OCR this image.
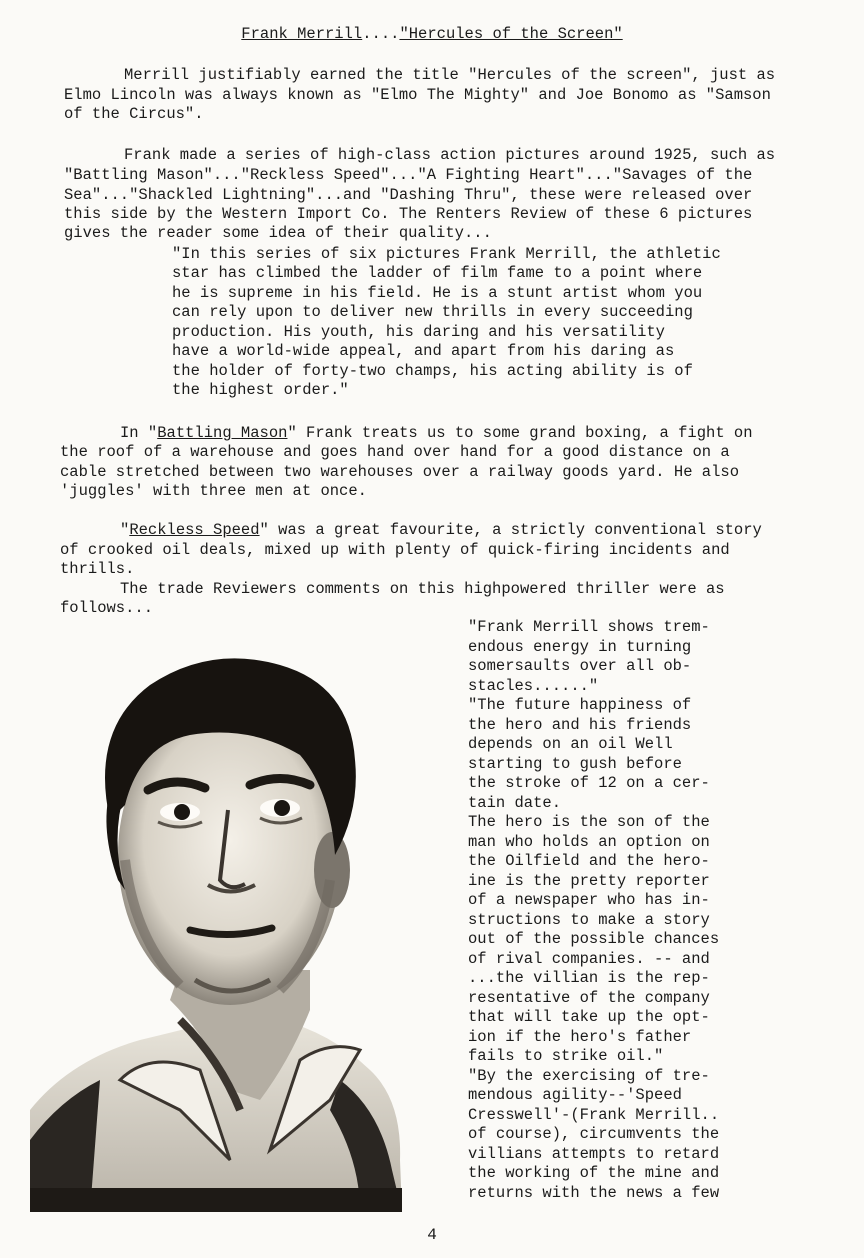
Frank Merrill...."Hercules of the Screen"
Merrill justifiably earned the title "Hercules of the screen", just as
Elmo Lincoln was always known as "Elmo The Mighty" and Joe Bonomo as "Samson
of the Circus".
Frank made a series of high-class action pictures around 1925, such as
"Battling Mason"..."Reckless Speed"..."A Fighting Heart"..."Savages of the
Sea"..."Shackled Lightning"...and "Dashing Thru", these were released over
this side by the Western Import Co. The Renters Review of these 6 pictures
gives the reader some idea of their quality...
"In this series of six pictures Frank Merrill, the athletic
star has climbed the ladder of film fame to a point where
he is supreme in his field. He is a stunt artist whom you
can rely upon to deliver new thrills in every succeeding
production. His youth, his daring and his versatility
have a world-wide appeal, and apart from his daring as
the holder of forty-two champs, his acting ability is of
the highest order."
In "Battling Mason" Frank treats us to some grand boxing, a fight on
the roof of a warehouse and goes hand over hand for a good distance on a
cable stretched between two warehouses over a railway goods yard. He also
'juggles' with three men at once.
"Reckless Speed" was a great favourite, a strictly conventional story
of crooked oil deals, mixed up with plenty of quick-firing incidents and
thrills.
The trade Reviewers comments on this highpowered thriller were as
follows...
"Frank Merrill shows trem-
endous energy in turning
somersaults over all ob-
stacles......"
"The future happiness of
the hero and his friends
depends on an oil Well
starting to gush before
the stroke of 12 on a cer-
tain date.
The hero is the son of the
man who holds an option on
the Oilfield and the hero-
ine is the pretty reporter
of a newspaper who has in-
structions to make a story
out of the possible chances
of rival companies. -- and
...the villian is the rep-
resentative of the company
that will take up the opt-
ion if the hero's father
fails to strike oil."
"By the exercising of tre-
mendous agility--'Speed
Cresswell'-(Frank Merrill..
of course), circumvents the
villians attempts to retard
the working of the mine and
returns with the news a few
4
